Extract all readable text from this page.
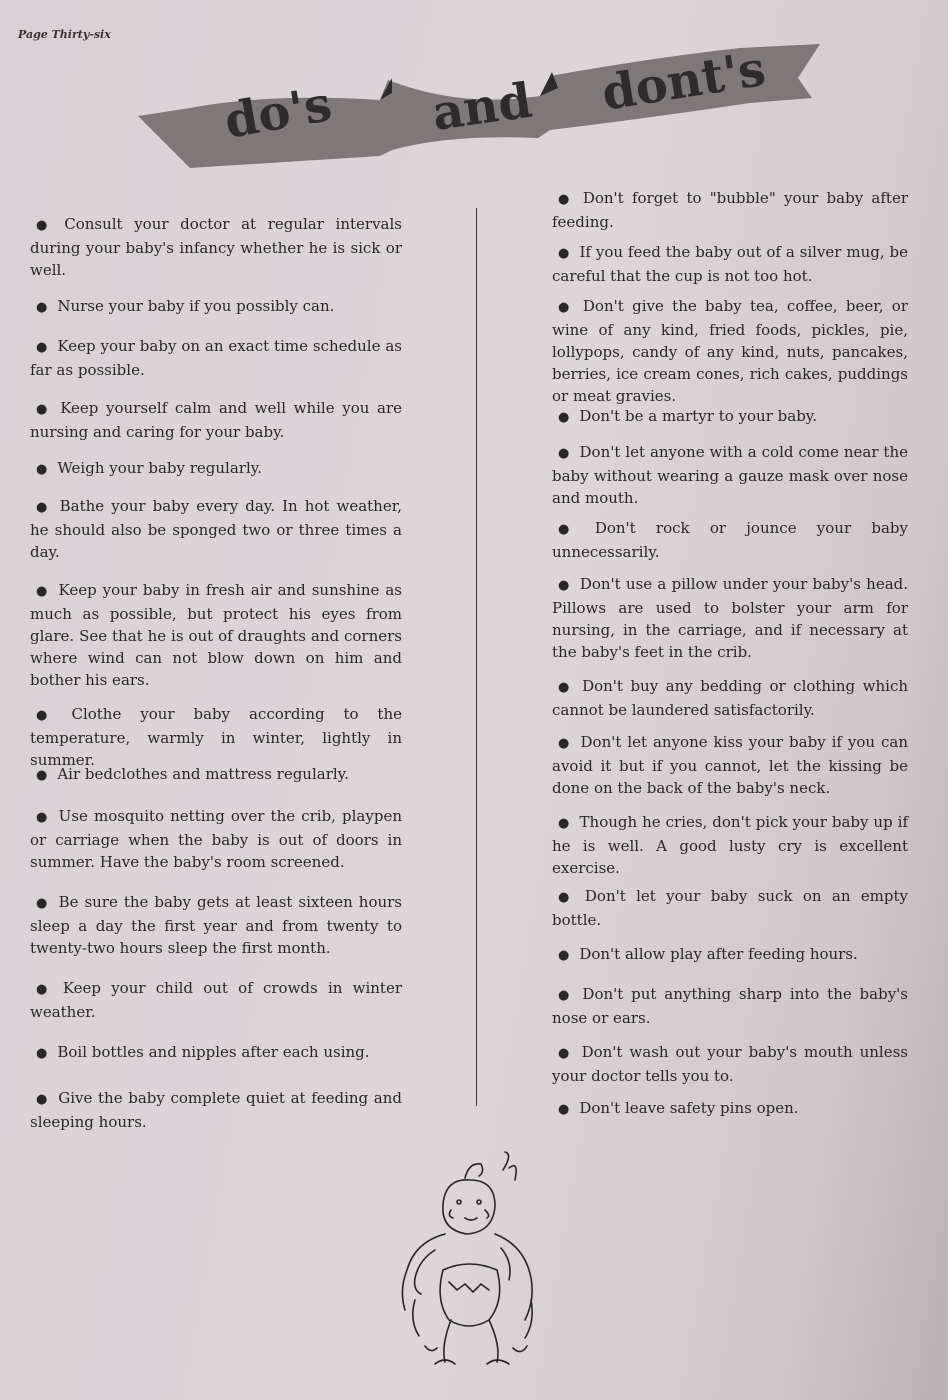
Page Thirty-six
do's and dont's

● Consult your doctor at regular intervals during your baby's infancy whether he is sick or well.

● Nurse your baby if you possibly can.

● Keep your baby on an exact time schedule as far as possible.

● Keep yourself calm and well while you are nursing and caring for your baby.

● Weigh your baby regularly.

● Bathe your baby every day. In hot weather, he should also be sponged two or three times a day.

● Keep your baby in fresh air and sunshine as much as possible, but protect his eyes from glare. See that he is out of draughts and corners where wind can not blow down on him and bother his ears.

● Clothe your baby according to the temperature, warmly in winter, lightly in summer.

● Air bedclothes and mattress regularly.

● Use mosquito netting over the crib, playpen or carriage when the baby is out of doors in summer. Have the baby's room screened.

● Be sure the baby gets at least sixteen hours sleep a day the first year and from twenty to twenty-two hours sleep the first month.

● Keep your child out of crowds in winter weather.

● Boil bottles and nipples after each using.

● Give the baby complete quiet at feeding and sleeping hours.

● Don't forget to "bubble" your baby after feeding.

● If you feed the baby out of a silver mug, be careful that the cup is not too hot.

● Don't give the baby tea, coffee, beer, or wine of any kind, fried foods, pickles, pie, lollypops, candy of any kind, nuts, pancakes, berries, ice cream cones, rich cakes, puddings or meat gravies.

● Don't be a martyr to your baby.

● Don't let anyone with a cold come near the baby without wearing a gauze mask over nose and mouth.

● Don't rock or jounce your baby unnecessarily.

● Don't use a pillow under your baby's head. Pillows are used to bolster your arm for nursing, in the carriage, and if necessary at the baby's feet in the crib.

● Don't buy any bedding or clothing which cannot be laundered satisfactorily.

● Don't let anyone kiss your baby if you can avoid it but if you cannot, let the kissing be done on the back of the baby's neck.

● Though he cries, don't pick your baby up if he is well. A good lusty cry is excellent exercise.

● Don't let your baby suck on an empty bottle.

● Don't allow play after feeding hours.

● Don't put anything sharp into the baby's nose or ears.

● Don't wash out your baby's mouth unless your doctor tells you to.

● Don't leave safety pins open.
